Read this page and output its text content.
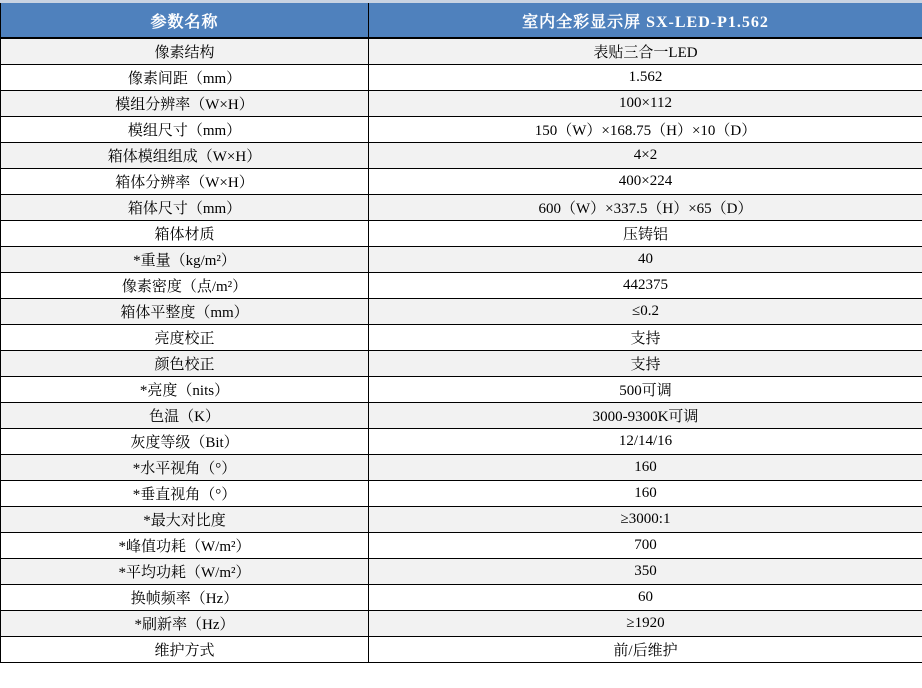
参数名称	室内全彩显示屏 SX-LED-P1.562
像素结构	表贴三合一LED
像素间距（mm）	1.562
模组分辨率（W×H）	100×112
模组尺寸（mm）	150（W）×168.75（H）×10（D）
箱体模组组成（W×H）	4×2
箱体分辨率（W×H）	400×224
箱体尺寸（mm）	600（W）×337.5（H）×65（D）
箱体材质	压铸铝
*重量（kg/m²）	40
像素密度（点/m²）	442375
箱体平整度（mm）	≤0.2
亮度校正	支持
颜色校正	支持
*亮度（nits）	500可调
色温（K）	3000-9300K可调
灰度等级（Bit）	12/14/16
*水平视角（°）	160
*垂直视角（°）	160
*最大对比度	≥3000:1
*峰值功耗（W/m²）	700
*平均功耗（W/m²）	350
换帧频率（Hz）	60
*刷新率（Hz）	≥1920
维护方式	前/后维护
